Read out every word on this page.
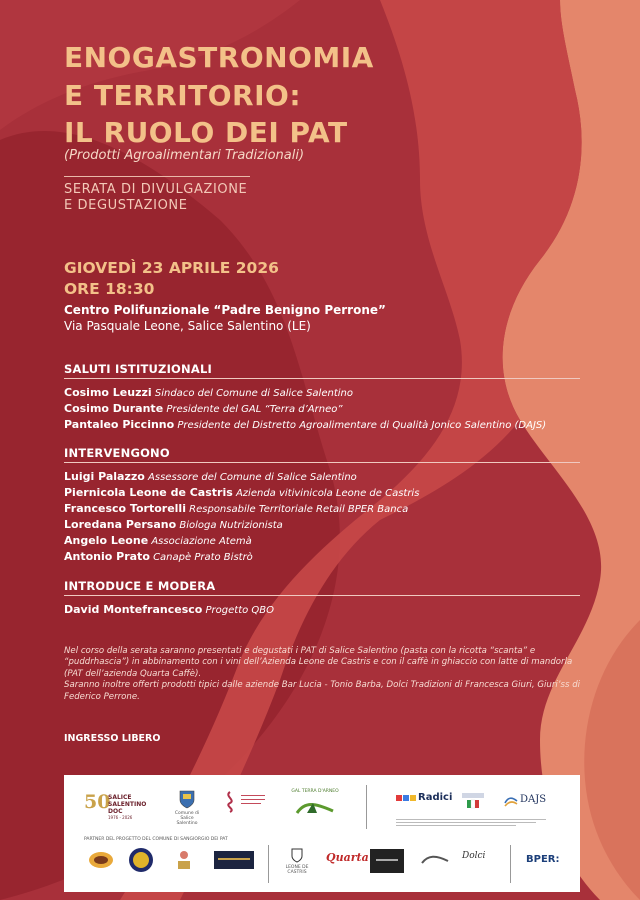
ENOGASTRONOMIA
E TERRITORIO:
IL RUOLO DEI PAT
(Prodotti Agroalimentari Tradizionali)
SERATA DI DIVULGAZIONE
E DEGUSTAZIONE
GIOVEDÌ 23 APRILE 2026
ORE 18:30
Centro Polifunzionale “Padre Benigno Perrone”
Via Pasquale Leone, Salice Salentino (LE)
SALUTI ISTITUZIONALI
Cosimo Leuzzi Sindaco del Comune di Salice Salentino
Cosimo Durante Presidente del GAL “Terra d’Arneo”
Pantaleo Piccinno Presidente del Distretto Agroalimentare di Qualità Jonico Salentino (DAJS)
INTERVENGONO
Luigi Palazzo Assessore del Comune di Salice Salentino
Piernicola Leone de Castris Azienda vitivinicola Leone de Castris
Francesco Tortorelli Responsabile Territoriale Retail BPER Banca
Loredana Persano Biologa Nutrizionista
Angelo Leone Associazione Atemà
Antonio Prato Canapè Prato Bistrò
INTRODUCE E MODERA
David Montefrancesco Progetto QBO

Nel corso della serata saranno presentati e degustati i PAT di Salice Salentino (pasta con la ricotta “scanta” e “puddrhascia”) in abbinamento con i vini dell’Azienda Leone de Castris e con il caffè in ghiaccio con latte di mandorla (PAT dell’azienda Quarta Caffè).

Saranno inoltre offerti prodotti tipici dalle aziende Bar Lucia - Tonio Barba, Dolci Tradizioni di Francesca Giuri, Giuri’ss di Federico Perrone.

INGRESSO LIBERO
50
SALICE SALENTINO DOC
1976 - 2026
Comune di Salice Salentino
GAL TERRA D'ARNEO
Radici	DAJS
PARTNER DEL PROGETTO DEL COMUNE DI SANGIORGIO DEI PAT
LEONE DE CASTRIS
Quarta	Dolci	BPER:
